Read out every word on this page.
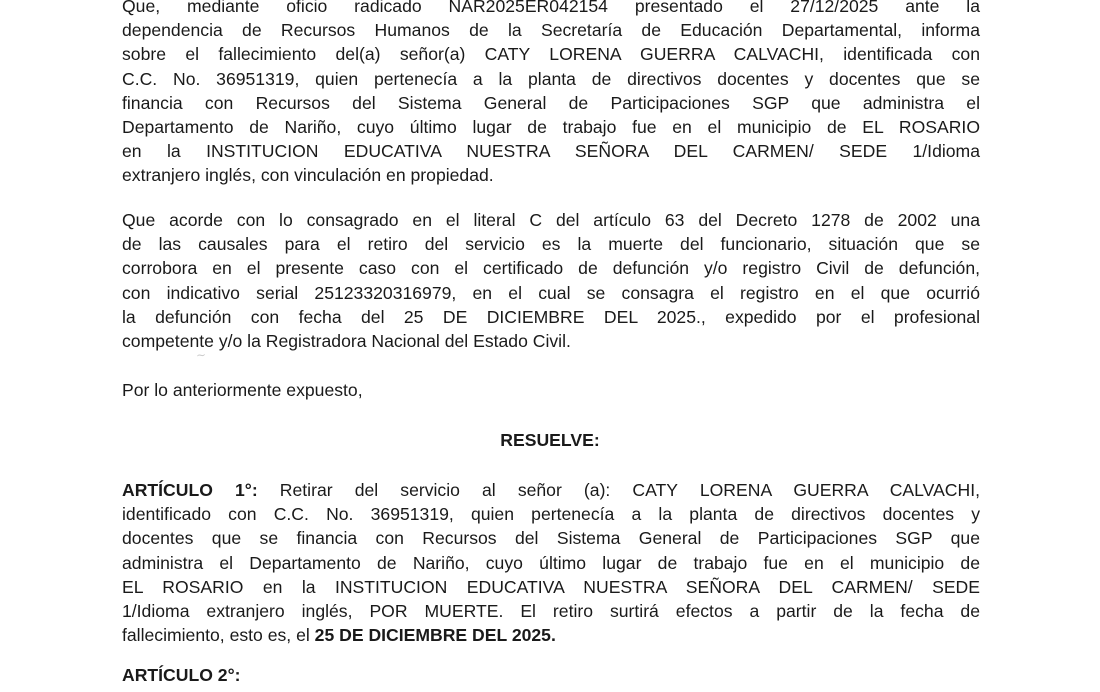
Que, mediante oficio radicado NAR2025ER042154 presentado el 27/12/2025 ante la
dependencia de Recursos Humanos de la Secretaría de Educación Departamental, informa
sobre el fallecimiento del(a) señor(a) CATY LORENA GUERRA CALVACHI, identificada con
C.C. No. 36951319, quien pertenecía a la planta de directivos docentes y docentes que se
financia con Recursos del Sistema General de Participaciones SGP que administra el
Departamento de Nariño, cuyo último lugar de trabajo fue en el municipio de EL ROSARIO
en la INSTITUCION EDUCATIVA NUESTRA SEÑORA DEL CARMEN/ SEDE 1/Idioma
extranjero inglés, con vinculación en propiedad.
Que acorde con lo consagrado en el literal C del artículo 63 del Decreto 1278 de 2002 una
de las causales para el retiro del servicio es la muerte del funcionario, situación que se
corrobora en el presente caso con el certificado de defunción y/o registro Civil de defunción,
con indicativo serial 25123320316979, en el cual se consagra el registro en el que ocurrió
la defunción con fecha del 25 DE DICIEMBRE DEL 2025., expedido por el profesional
competente y/o la Registradora Nacional del Estado Civil.
~
Por lo anteriormente expuesto,
RESUELVE:
ARTÍCULO 1°: Retirar del servicio al señor (a): CATY LORENA GUERRA CALVACHI,
identificado con C.C. No. 36951319, quien pertenecía a la planta de directivos docentes y
docentes que se financia con Recursos del Sistema General de Participaciones SGP que
administra el Departamento de Nariño, cuyo último lugar de trabajo fue en el municipio de
EL ROSARIO en la INSTITUCION EDUCATIVA NUESTRA SEÑORA DEL CARMEN/ SEDE
1/Idioma extranjero inglés, POR MUERTE. El retiro surtirá efectos a partir de la fecha de
fallecimiento, esto es, el 25 DE DICIEMBRE DEL 2025.
ARTÍCULO 2°:
